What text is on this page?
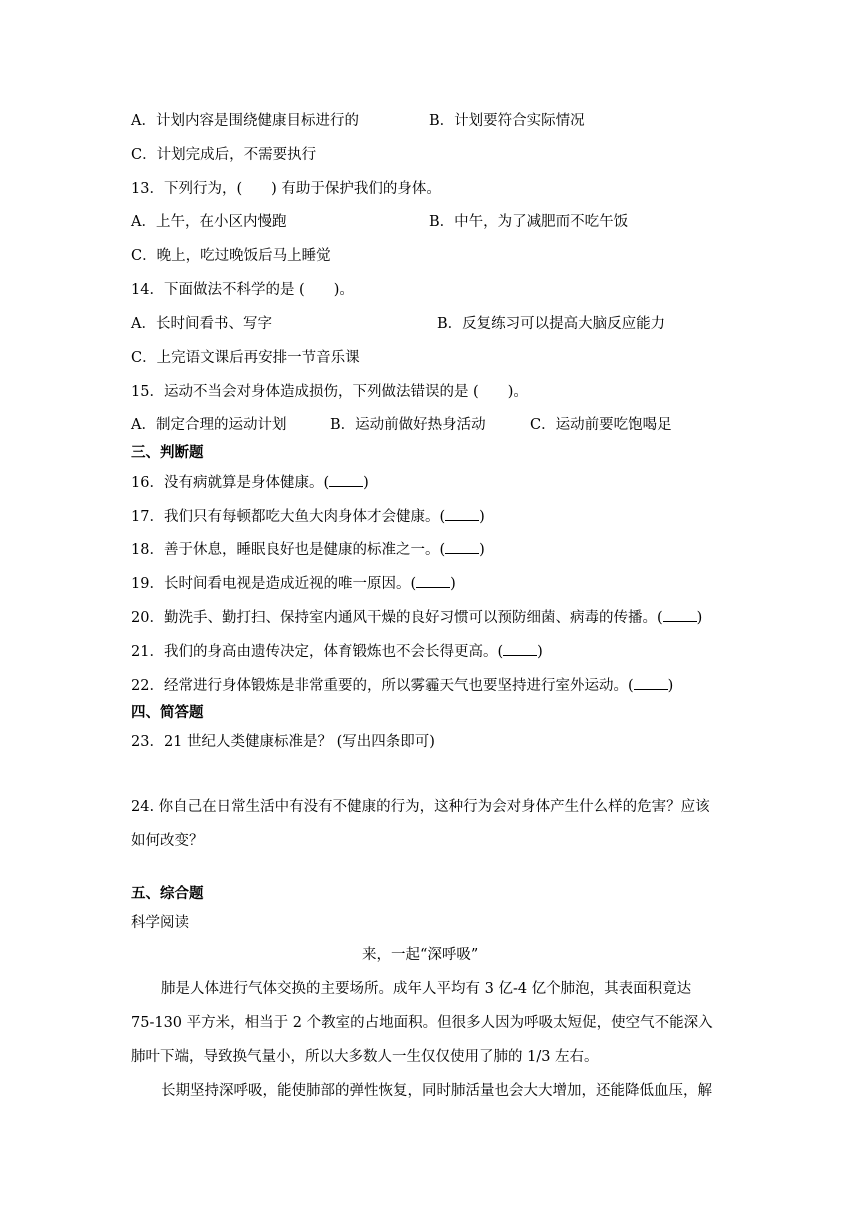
A．计划内容是围绕健康目标进行的	B．计划要符合实际情况
C．计划完成后，不需要执行
13．下列行为，(　　) 有助于保护我们的身体。
A．上午，在小区内慢跑	B．中午，为了减肥而不吃午饭
C．晚上，吃过晚饭后马上睡觉
14．下面做法不科学的是 (　　)。
A．长时间看书、写字	B．反复练习可以提高大脑反应能力
C．上完语文课后再安排一节音乐课
15．运动不当会对身体造成损伤，下列做法错误的是 (　　)。
A．制定合理的运动计划	B．运动前做好热身活动	C．运动前要吃饱喝足
三、判断题
16．没有病就算是身体健康。( )
17．我们只有每顿都吃大鱼大肉身体才会健康。( )
18．善于休息，睡眠良好也是健康的标准之一。( )
19．长时间看电视是造成近视的唯一原因。( )
20．勤洗手、勤打扫、保持室内通风干燥的良好习惯可以预防细菌、病毒的传播。( )
21．我们的身高由遗传决定，体育锻炼也不会长得更高。( )
22．经常进行身体锻炼是非常重要的，所以雾霾天气也要坚持进行室外运动。( )
四、简答题
23．21 世纪人类健康标准是？ (写出四条即可)
24. 你自己在日常生活中有没有不健康的行为，这种行为会对身体产生什么样的危害？应该
如何改变？
五、综合题
科学阅读
来，一起“深呼吸”
肺是人体进行气体交换的主要场所。成年人平均有 3 亿-4 亿个肺泡，其表面积竟达
75-130 平方米，相当于 2 个教室的占地面积。但很多人因为呼吸太短促，使空气不能深入
肺叶下端，导致换气量小，所以大多数人一生仅仅使用了肺的 1/3 左右。
长期坚持深呼吸，能使肺部的弹性恢复，同时肺活量也会大大增加，还能降低血压，解
